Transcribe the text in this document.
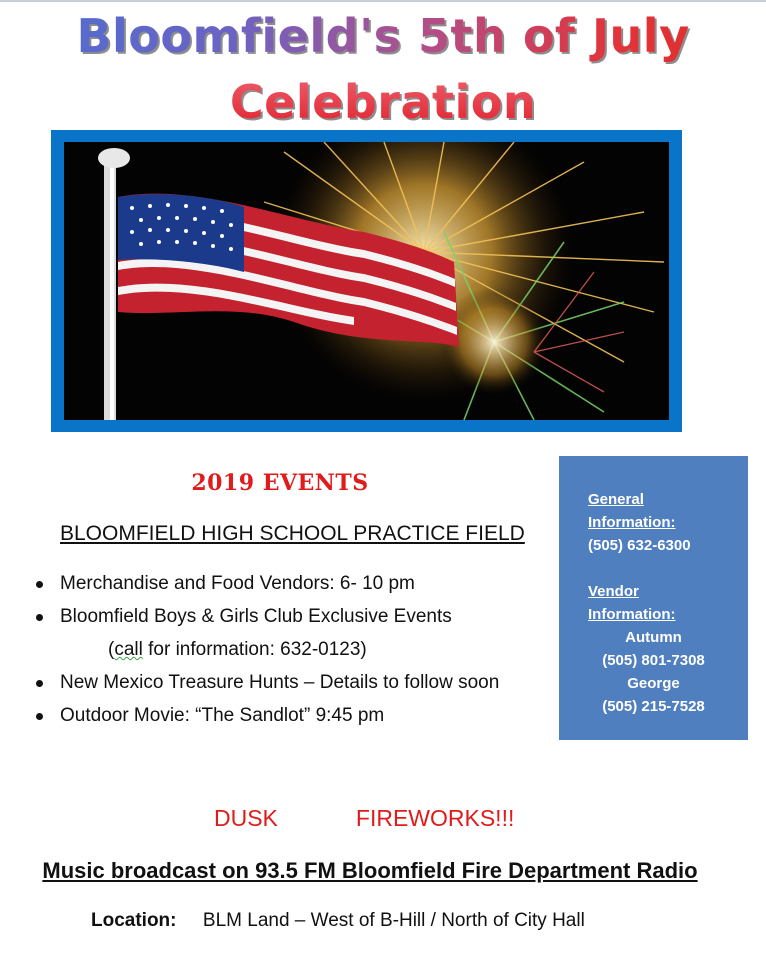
Bloomfield's 5th of July
Celebration
2019 EVENTS
BLOOMFIELD HIGH SCHOOL PRACTICE FIELD
Merchandise and Food Vendors: 6- 10 pm
Bloomfield Boys & Girls Club Exclusive Events
(call for information: 632-0123)
New Mexico Treasure Hunts – Details to follow soon
Outdoor Movie: “The Sandlot” 9:45 pm
General
Information:
(505) 632-6300
Vendor
Information:
Autumn
(505) 801-7308
George
(505) 215-7528
DUSK	FIREWORKS!!!
Music broadcast on 93.5 FM Bloomfield Fire Department Radio
Location: BLM Land – West of B-Hill / North of City Hall
